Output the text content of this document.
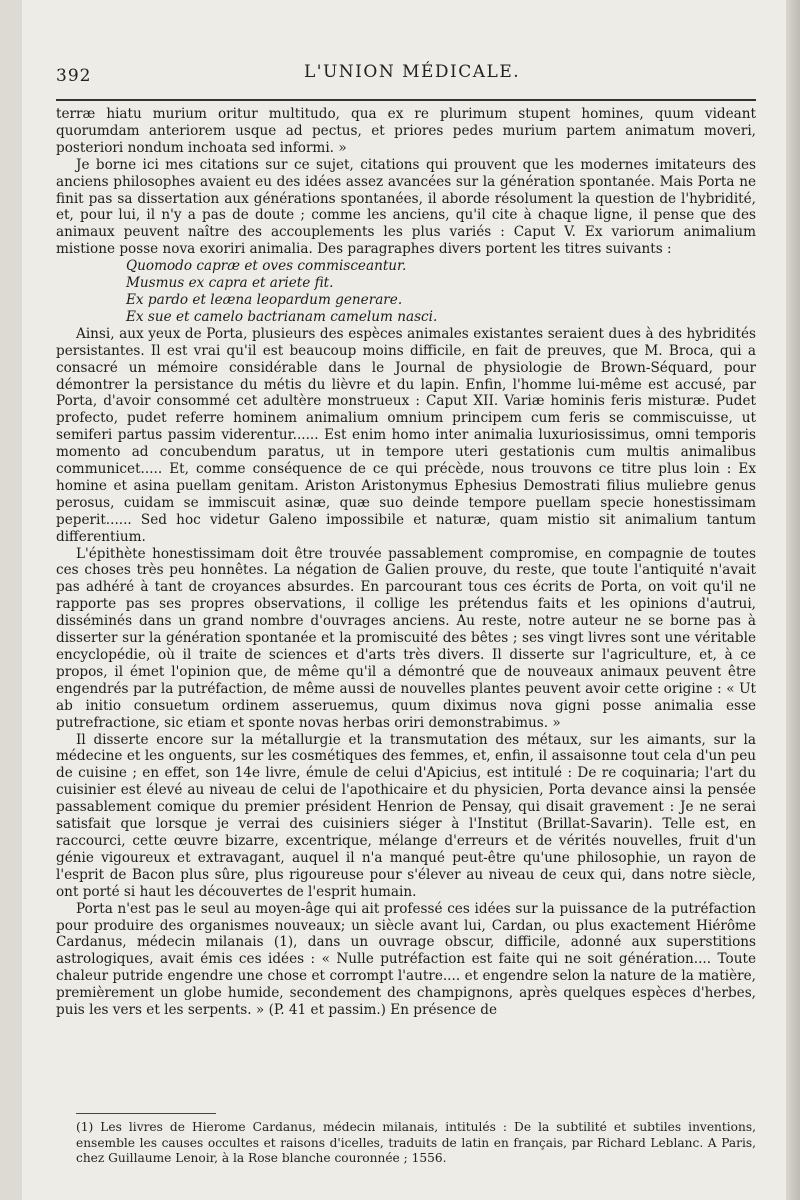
392	L'UNION MÉDICALE.

terræ hiatu murium oritur multitudo, qua ex re plurimum stupent homines, quum videant quorumdam anteriorem usque ad pectus, et priores pedes murium partem animatum moveri, posteriori nondum inchoata sed informi. »

Je borne ici mes citations sur ce sujet, citations qui prouvent que les modernes imitateurs des anciens philosophes avaient eu des idées assez avancées sur la génération spontanée. Mais Porta ne finit pas sa dissertation aux générations spontanées, il aborde résolument la question de l'hybridité, et, pour lui, il n'y a pas de doute ; comme les anciens, qu'il cite à chaque ligne, il pense que des animaux peuvent naître des accouplements les plus variés : Caput V. Ex variorum animalium mistione posse nova exoriri animalia. Des paragraphes divers portent les titres suivants :

Quomodo capræ et oves commisceantur.
Musmus ex capra et ariete fit.
Ex pardo et leæna leopardum generare.
Ex sue et camelo bactrianam camelum nasci.

Ainsi, aux yeux de Porta, plusieurs des espèces animales existantes seraient dues à des hybridités persistantes. Il est vrai qu'il est beaucoup moins difficile, en fait de preuves, que M. Broca, qui a consacré un mémoire considérable dans le Journal de physiologie de Brown-Séquard, pour démontrer la persistance du métis du lièvre et du lapin. Enfin, l'homme lui-même est accusé, par Porta, d'avoir consommé cet adultère monstrueux : Caput XII. Variæ hominis feris misturæ. Pudet profecto, pudet referre hominem animalium omnium principem cum feris se commiscuisse, ut semiferi partus passim viderentur...... Est enim homo inter animalia luxuriosissimus, omni temporis momento ad concubendum paratus, ut in tempore uteri gestationis cum multis animalibus communicet..... Et, comme conséquence de ce qui précède, nous trouvons ce titre plus loin : Ex homine et asina puellam genitam. Ariston Aristonymus Ephesius Demostrati filius muliebre genus perosus, cuidam se immiscuit asinæ, quæ suo deinde tempore puellam specie honestissimam peperit...... Sed hoc videtur Galeno impossibile et naturæ, quam mistio sit animalium tantum differentium.

L'épithète honestissimam doit être trouvée passablement compromise, en compagnie de toutes ces choses très peu honnêtes. La négation de Galien prouve, du reste, que toute l'antiquité n'avait pas adhéré à tant de croyances absurdes. En parcourant tous ces écrits de Porta, on voit qu'il ne rapporte pas ses propres observations, il collige les prétendus faits et les opinions d'autrui, disséminés dans un grand nombre d'ouvrages anciens. Au reste, notre auteur ne se borne pas à disserter sur la génération spontanée et la promiscuité des bêtes ; ses vingt livres sont une véritable encyclopédie, où il traite de sciences et d'arts très divers. Il disserte sur l'agriculture, et, à ce propos, il émet l'opinion que, de même qu'il a démontré que de nouveaux animaux peuvent être engendrés par la putréfaction, de même aussi de nouvelles plantes peuvent avoir cette origine : « Ut ab initio consuetum ordinem asseruemus, quum diximus nova gigni posse animalia esse putrefractione, sic etiam et sponte novas herbas oriri demonstrabimus. »

Il disserte encore sur la métallurgie et la transmutation des métaux, sur les aimants, sur la médecine et les onguents, sur les cosmétiques des femmes, et, enfin, il assaisonne tout cela d'un peu de cuisine ; en effet, son 14e livre, émule de celui d'Apicius, est intitulé : De re coquinaria; l'art du cuisinier est élevé au niveau de celui de l'apothicaire et du physicien, Porta devance ainsi la pensée passablement comique du premier président Henrion de Pensay, qui disait gravement : Je ne serai satisfait que lorsque je verrai des cuisiniers siéger à l'Institut (Brillat-Savarin). Telle est, en raccourci, cette œuvre bizarre, excentrique, mélange d'erreurs et de vérités nouvelles, fruit d'un génie vigoureux et extravagant, auquel il n'a manqué peut-être qu'une philosophie, un rayon de l'esprit de Bacon plus sûre, plus rigoureuse pour s'élever au niveau de ceux qui, dans notre siècle, ont porté si haut les découvertes de l'esprit humain.

Porta n'est pas le seul au moyen-âge qui ait professé ces idées sur la puissance de la putréfaction pour produire des organismes nouveaux; un siècle avant lui, Cardan, ou plus exactement Hiérôme Cardanus, médecin milanais (1), dans un ouvrage obscur, difficile, adonné aux superstitions astrologiques, avait émis ces idées : « Nulle putréfaction est faite qui ne soit génération.... Toute chaleur putride engendre une chose et corrompt l'autre.... et engendre selon la nature de la matière, premièrement un globe humide, secondement des champignons, après quelques espèces d'herbes, puis les vers et les serpents. » (P. 41 et passim.) En présence de

(1) Les livres de Hierome Cardanus, médecin milanais, intitulés : De la subtilité et subtiles inventions, ensemble les causes occultes et raisons d'icelles, traduits de latin en français, par Richard Leblanc. A Paris, chez Guillaume Lenoir, à la Rose blanche couronnée ; 1556.
